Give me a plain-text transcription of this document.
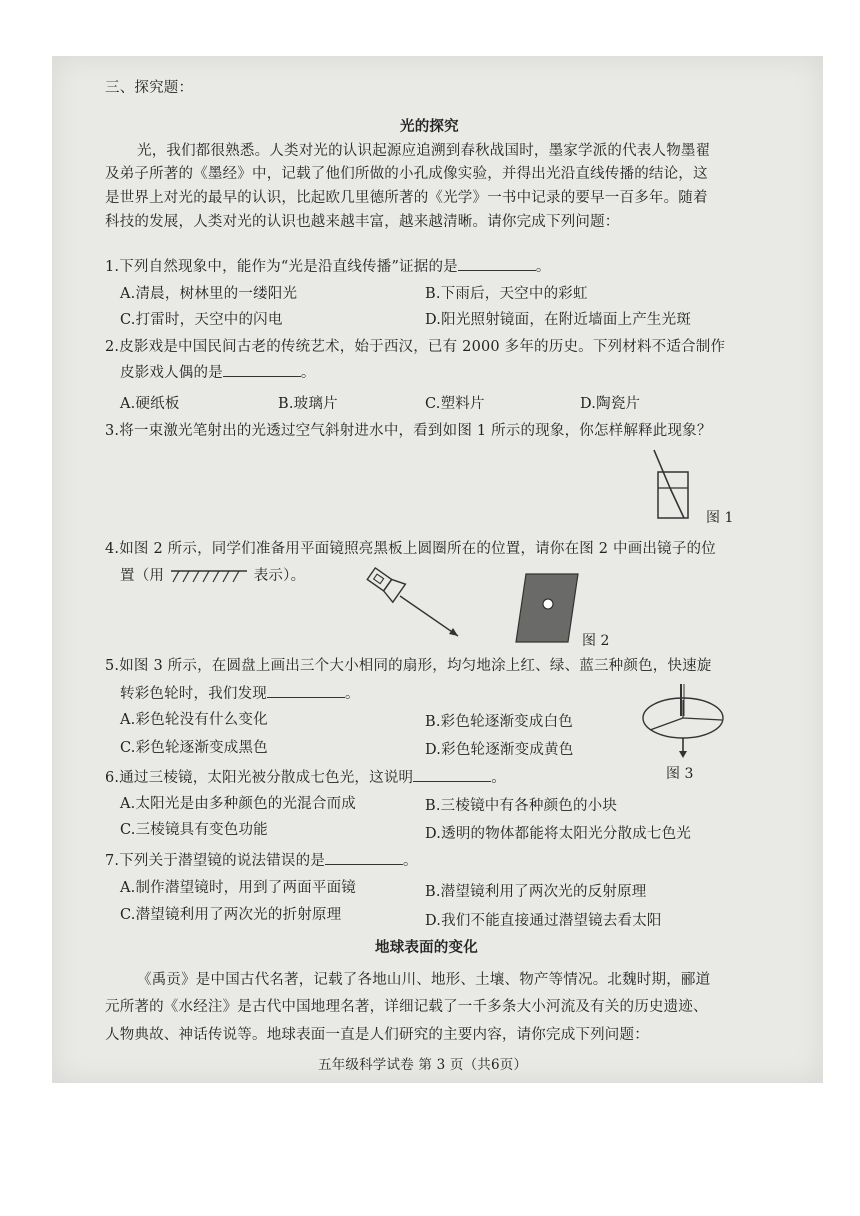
三、探究题：
光的探究
光，我们都很熟悉。人类对光的认识起源应追溯到春秋战国时，墨家学派的代表人物墨翟
及弟子所著的《墨经》中，记载了他们所做的小孔成像实验，并得出光沿直线传播的结论，这
是世界上对光的最早的认识，比起欧几里德所著的《光学》一书中记录的要早一百多年。随着
科技的发展，人类对光的认识也越来越丰富，越来越清晰。请你完成下列问题：
1.下列自然现象中，能作为“光是沿直线传播”证据的是	。
A.清晨，树林里的一缕阳光	B.下雨后，天空中的彩虹
C.打雷时，天空中的闪电	D.阳光照射镜面，在附近墙面上产生光斑
2.皮影戏是中国民间古老的传统艺术，始于西汉，已有 2000 多年的历史。下列材料不适合制作
皮影戏人偶的是	。
A.硬纸板	B.玻璃片	C.塑料片	D.陶瓷片
3.将一束激光笔射出的光透过空气斜射进水中，看到如图 1 所示的现象，你怎样解释此现象？
图 1
4.如图 2 所示，同学们准备用平面镜照亮黑板上圆圈所在的位置，请你在图 2 中画出镜子的位
置（用	表示）。
图 2
5.如图 3 所示，在圆盘上画出三个大小相同的扇形，均匀地涂上红、绿、蓝三种颜色，快速旋
转彩色轮时，我们发现	。
A.彩色轮没有什么变化	B.彩色轮逐渐变成白色
C.彩色轮逐渐变成黑色	D.彩色轮逐渐变成黄色
图 3
6.通过三棱镜，太阳光被分散成七色光，这说明	。
A.太阳光是由多种颜色的光混合而成	B.三棱镜中有各种颜色的小块
C.三棱镜具有变色功能	D.透明的物体都能将太阳光分散成七色光
7.下列关于潜望镜的说法错误的是	。
A.制作潜望镜时，用到了两面平面镜	B.潜望镜利用了两次光的反射原理
C.潜望镜利用了两次光的折射原理	D.我们不能直接通过潜望镜去看太阳
地球表面的变化
《禹贡》是中国古代名著，记载了各地山川、地形、土壤、物产等情况。北魏时期，郦道
元所著的《水经注》是古代中国地理名著，详细记载了一千多条大小河流及有关的历史遗迹、
人物典故、神话传说等。地球表面一直是人们研究的主要内容，请你完成下列问题：
五年级科学试卷 第 3 页（共6页）
